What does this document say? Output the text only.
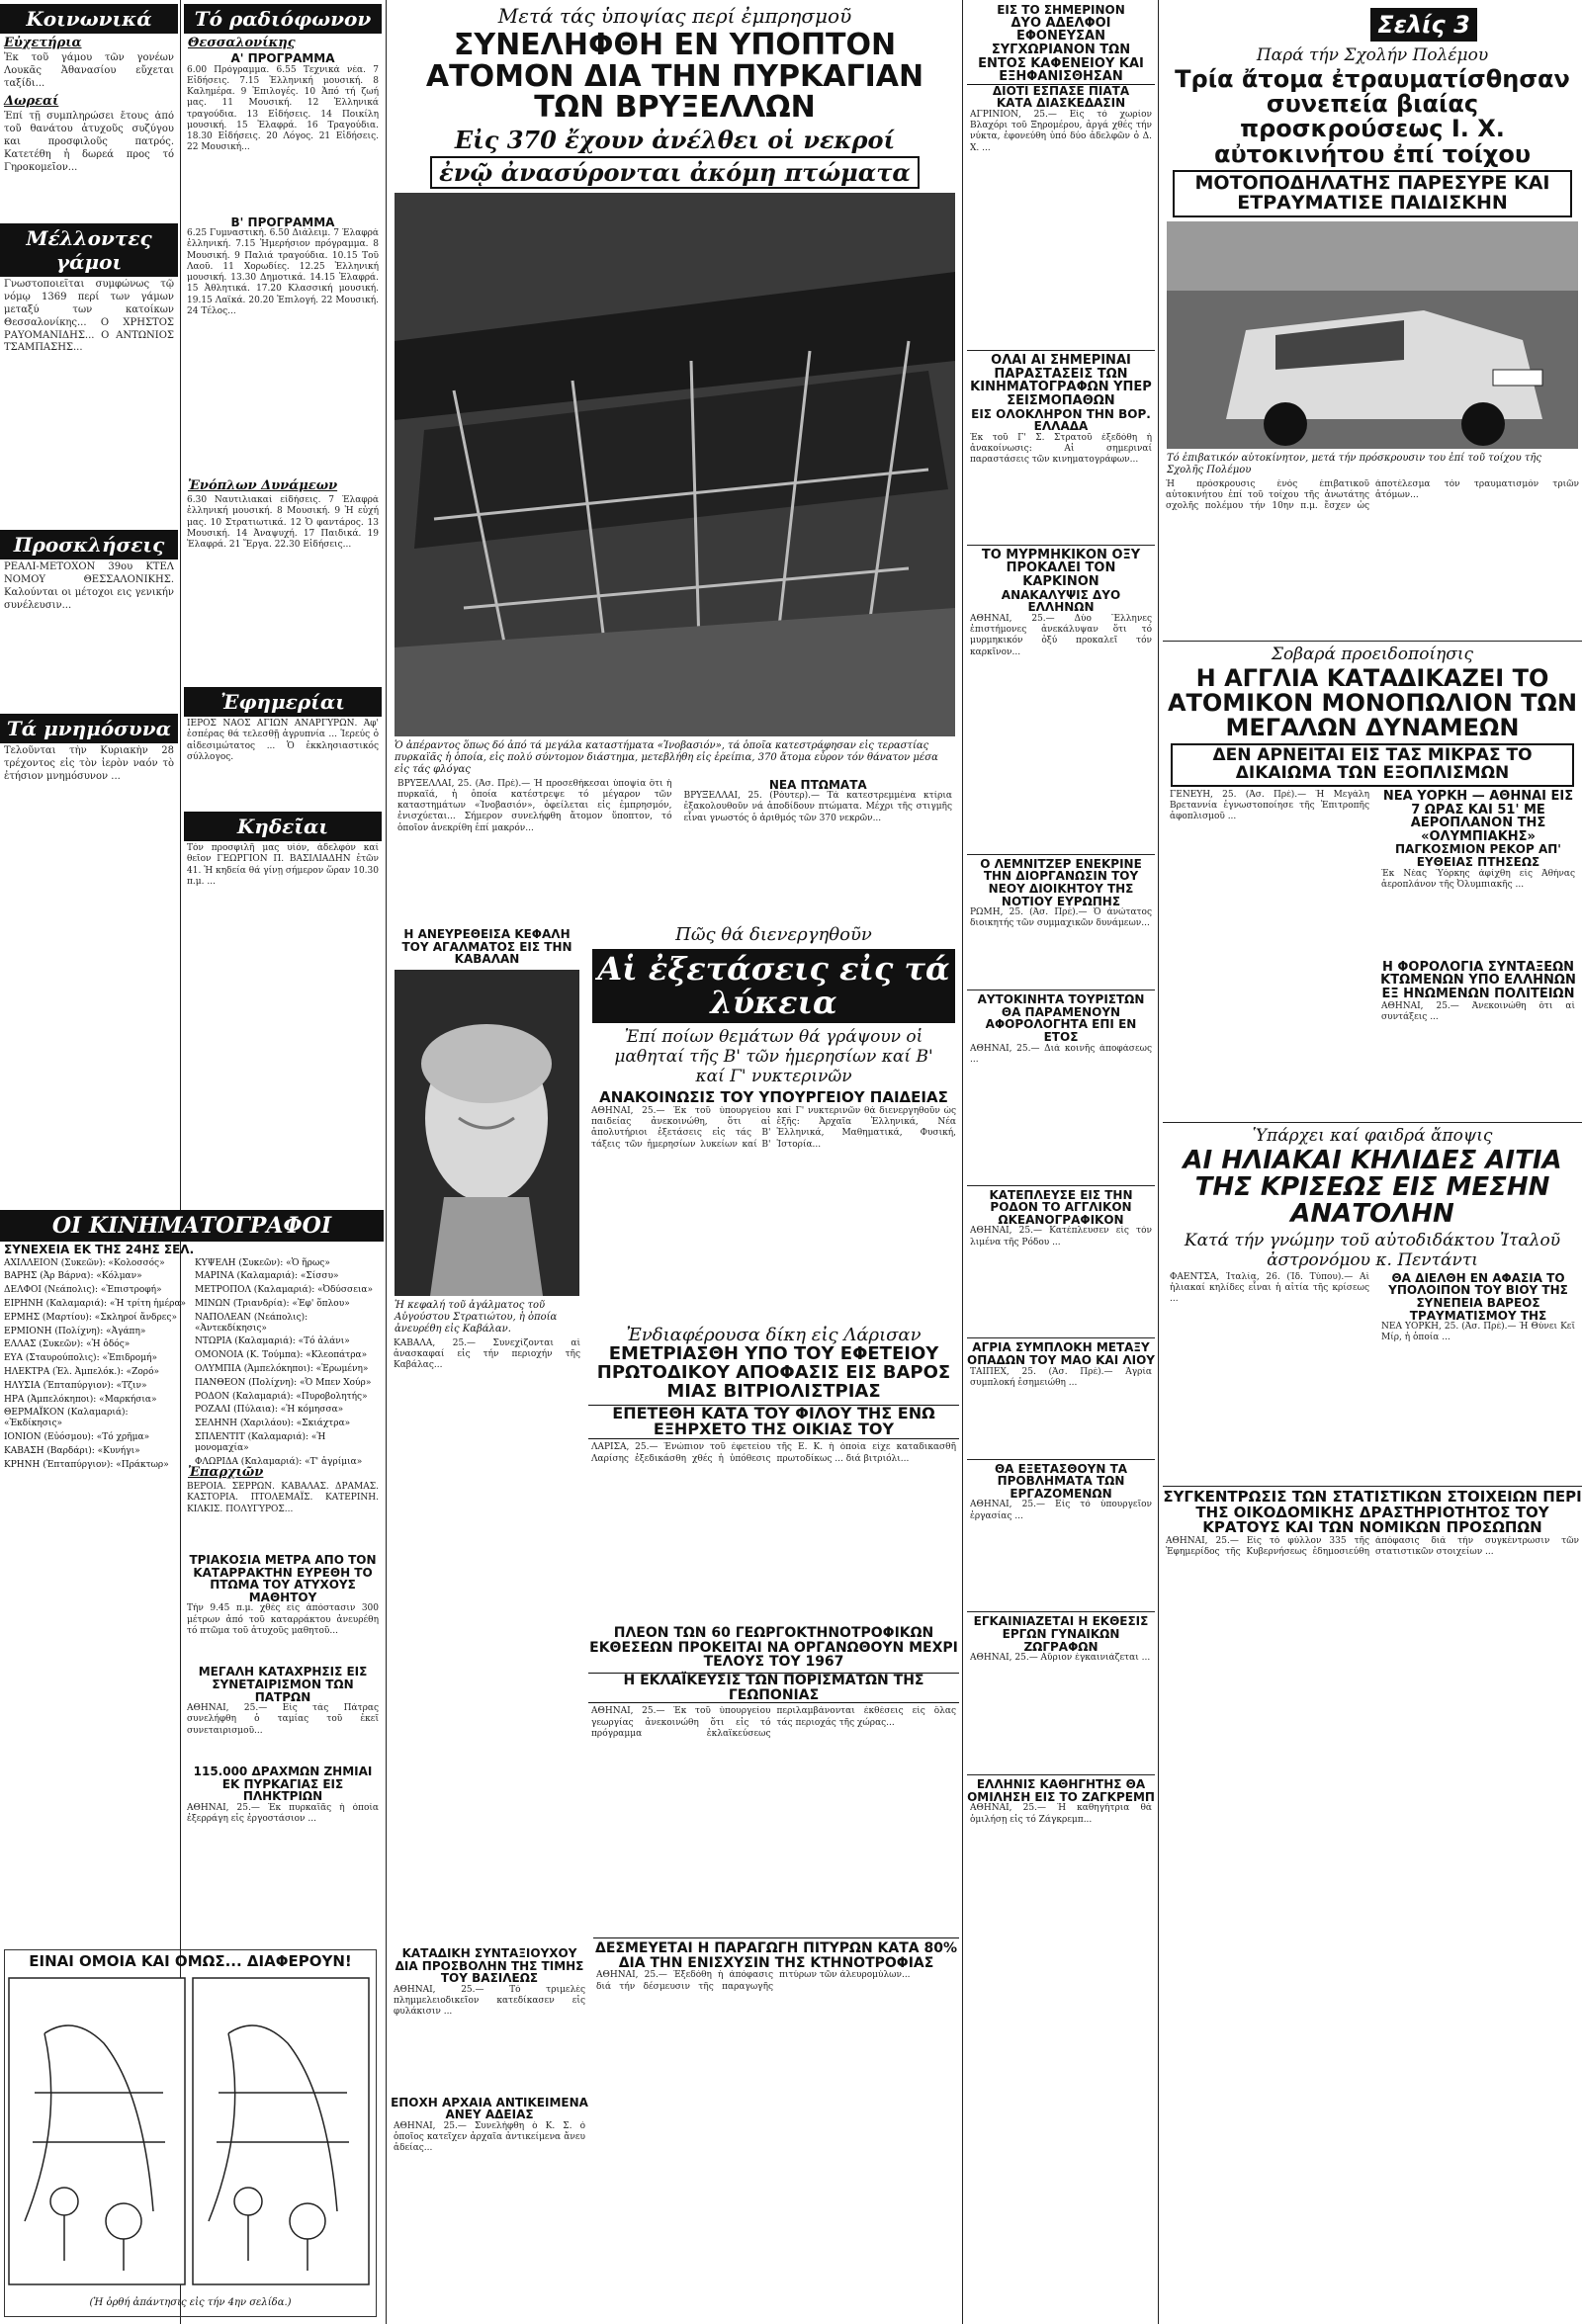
Σελίς 3
Κοινωνικά
Εὐχετήρια
Ἐκ τοῦ γάμου τῶν γονέων Λουκᾶς Ἀθανασίου εὔχεται ταξίδι...
Δωρεαί
Ἐπί τῇ συμπληρώσει ἔτους ἀπό τοῦ θανάτου ἀτυχοῦς συζύγου και προσφιλοῦς πατρός. Κατετέθη ἡ δωρεά προς τό Γηροκομεῖον...
Μέλλοντες γάμοι
Γνωστοποιεῖται συμφώνως τῷ νόμῳ 1369 περί των γάμων μεταξύ των κατοίκων Θεσσαλονίκης... Ο ΧΡΗΣΤΟΣ ΡΑΥΟΜΑΝΙΔΗΣ... Ο ΑΝΤΩΝΙΟΣ ΤΣΑΜΠΑΣΗΣ...
Προσκλήσεις
ΡΕΑΛΙ-ΜΕΤΟΧΟΝ 39ου ΚΤΕΛ ΝΟΜΟΥ ΘΕΣΣΑΛΟΝΙΚΗΣ. Καλούνται οι μέτοχοι εις γενικήν συνέλευσιν...
Τά μνημόσυνα
Τελοῦνται τὴν Κυριακὴν 28 τρέχοντος εἰς τὸν ἱερὸν ναόν τὸ ἐτήσιον μνημόσυνον ...
ΟΙ ΚΙΝΗΜΑΤΟΓΡΑΦΟΙ
ΣΥΝΕΧΕΙΑ ΕΚ ΤΗΣ 24ΗΣ ΣΕΛ.
ΑΧΙΛΛΕΙΟΝ (Συκεῶν): «Κολοσσός»
ΒΑΡΗΣ (Ἀρ Βάρνα): «Κόλμαν»
ΔΕΛΦΟΙ (Νεάπολις): «Ἐπιστροφή»
ΕΙΡΗΝΗ (Καλαμαριά): «Ἡ τρίτη ἡμέρα»
ΕΡΜΗΣ (Μαρτίου): «Σκληροί ἄνδρες»
ΕΡΜΙΟΝΗ (Πολίχνη): «Ἀγάπη»
ΕΛΛΑΣ (Συκεῶν): «Ἡ ὁδός»
ΕΥΑ (Σταυρούπολις): «Ἐπιδρομή»
ΗΛΕΚΤΡΑ (Ἐλ. Ἀμπελόκ.): «Ζορό»
ΗΛΥΣΙΑ (Ἐπταπύργιον): «Τζιν»
ΗΡΑ (Ἀμπελόκηποι): «Μαρκήσια»
ΘΕΡΜΑΪΚΟΝ (Καλαμαριά): «Ἐκδίκησις»
ΙΟΝΙΟΝ (Εὐόσμου): «Τό χρῆμα»
ΚΑΒΑΣΗ (Βαρδάρι): «Κυνήγι»
ΚΡΗΝΗ (Ἐπταπύργιον): «Πράκτωρ»
ΚΥΨΕΛΗ (Συκεῶν): «Ὁ ἥρως»
ΜΑΡΙΝΑ (Καλαμαριά): «Σίσσυ»
ΜΕΤΡΟΠΟΛ (Καλαμαριά): «Ὀδύσσεια»
ΜΙΝΩΝ (Τριανδρία): «Ἐφ' ὅπλου»
ΝΑΠΟΛΕΑΝ (Νεάπολις): «Ἀντεκδίκησις»
ΝΤΩΡΙΑ (Καλαμαριά): «Τό ἀλάνι»
ΟΜΟΝΟΙΑ (Κ. Τούμπα): «Κλεοπάτρα»
ΟΛΥΜΠΙΑ (Ἀμπελόκηποι): «Ἐρωμένη»
ΠΑΝΘΕΟΝ (Πολίχνη): «Ὁ Μπεν Χούρ»
ΡΟΔΟΝ (Καλαμαριά): «Πυροβολητής»
ΡΟΖΑΛΙ (Πύλαια): «Ἡ κόμησσα»
ΣΕΛΗΝΗ (Χαριλάου): «Σκιάχτρα»
ΣΠΛΕΝΤΙΤ (Καλαμαριά): «Ἡ μονομαχία»
ΦΛΩΡΙΔΑ (Καλαμαριά): «Τ' ἀγρίμια»
ΕΙΝΑΙ ΟΜΟΙΑ ΚΑΙ ΟΜΩΣ... ΔΙΑΦΕΡΟΥΝ!
(Ἡ ὀρθή ἀπάντησις εἰς τήν 4ην σελίδα.)
Τό ραδιόφωνον
Θεσσαλονίκης
Α' ΠΡΟΓΡΑΜΜΑ
6.00 Πρόγραμμα. 6.55 Τεχνικά νέα. 7 Εἰδήσεις. 7.15 Ἑλληνική μουσική. 8 Καλημέρα. 9 Ἐπιλογές. 10 Ἀπό τή ζωή μας. 11 Μουσική. 12 Ἑλληνικά τραγούδια. 13 Εἰδήσεις. 14 Ποικίλη μουσική. 15 Ἐλαφρά. 16 Τραγούδια. 18.30 Εἰδήσεις. 20 Λόγος. 21 Εἰδήσεις. 22 Μουσική...
Β' ΠΡΟΓΡΑΜΜΑ
6.25 Γυμναστική. 6.50 Διάλειμ. 7 Ἐλαφρά ἑλληνική. 7.15 Ἡμερήσιον πρόγραμμα. 8 Μουσική. 9 Παλιά τραγούδια. 10.15 Τοῦ Λαοῦ. 11 Χορωδίες. 12.25 Ἑλληνική μουσική. 13.30 Δημοτικά. 14.15 Ἐλαφρά. 15 Ἀθλητικά. 17.20 Κλασσική μουσική. 19.15 Λαϊκά. 20.20 Ἐπιλογή. 22 Μουσική. 24 Τέλος...
Ἐνόπλων Δυνάμεων
6.30 Ναυτιλιακαί εἰδήσεις. 7 Ἐλαφρά ἑλληνική μουσική. 8 Μουσική. 9 Ἡ εὐχή μας. 10 Στρατιωτικά. 12 Ὁ φαντάρος. 13 Μουσική. 14 Ἀναψυχή. 17 Παιδικά. 19 Ἐλαφρά. 21 Ἔργα. 22.30 Εἰδήσεις...
Ἐφημερίαι
ΙΕΡΟΣ ΝΑΟΣ ΑΓΙΩΝ ΑΝΑΡΓΥΡΩΝ. Ἀφ' ἑσπέρας θά τελεσθῇ ἀγρυπνία ... Ἱερεύς ὁ αἰδεσιμώτατος ... Ὁ ἐκκλησιαστικός σύλλογος.
Κηδεῖαι
Τόν προσφιλῆ μας υἱόν, ἀδελφόν καί θεῖον ΓΕΩΡΓΙΟΝ Π. ΒΑΣΙΛΙΑΔΗΝ ἐτῶν 41. Ἡ κηδεία θά γίνῃ σήμερον ὥραν 10.30 π.μ. ...
Ἐπαρχιῶν
ΒΕΡΟΙΑ. ΣΕΡΡΩΝ. ΚΑΒΑΛΑΣ. ΔΡΑΜΑΣ. ΚΑΣΤΟΡΙΑ. ΠΤΟΛΕΜΑΪΣ. ΚΑΤΕΡΙΝΗ. ΚΙΛΚΙΣ. ΠΟΛΥΓΥΡΟΣ...
ΤΡΙΑΚΟΣΙΑ ΜΕΤΡΑ ΑΠΟ ΤΟΝ ΚΑΤΑΡΡΑΚΤΗΝ ΕΥΡΕΘΗ ΤΟ ΠΤΩΜΑ ΤΟΥ ΑΤΥΧΟΥΣ ΜΑΘΗΤΟΥ
Τήν 9.45 π.μ. χθές εἰς ἀπόστασιν 300 μέτρων ἀπό τοῦ καταρράκτου ἀνευρέθη τό πτῶμα τοῦ ἀτυχοῦς μαθητοῦ...
ΜΕΓΑΛΗ ΚΑΤΑΧΡΗΣΙΣ ΕΙΣ ΣΥΝΕΤΑΙΡΙΣΜΟΝ ΤΩΝ ΠΑΤΡΩΝ
ΑΘΗΝΑΙ, 25.— Εἰς τάς Πάτρας συνελήφθη ὁ ταμίας τοῦ ἐκεῖ συνεταιρισμοῦ...
115.000 ΔΡΑΧΜΩΝ ΖΗΜΙΑΙ ΕΚ ΠΥΡΚΑΓΙΑΣ ΕΙΣ ΠΛΗΚΤΡΙΩΝ
ΑΘΗΝΑΙ, 25.— Ἐκ πυρκαϊᾶς ἡ ὁποία ἐξερράγη εἰς ἐργοστάσιον ...
ΚΑΤΑΔΙΚΗ ΣΥΝΤΑΞΙΟΥΧΟΥ ΔΙΑ ΠΡΟΣΒΟΛΗΝ ΤΗΣ ΤΙΜΗΣ ΤΟΥ ΒΑΣΙΛΕΩΣ
ΑΘΗΝΑΙ, 25.— Τό τριμελές πλημμελειοδικεῖον κατεδίκασεν εἰς φυλάκισιν ...
ΕΠΟΧΗ ΑΡΧΑΙΑ ΑΝΤΙΚΕΙΜΕΝΑ ΑΝΕΥ ΑΔΕΙΑΣ
ΑΘΗΝΑΙ, 25.— Συνελήφθη ὁ Κ. Σ. ὁ ὁποῖος κατεῖχεν ἀρχαῖα ἀντικείμενα ἄνευ ἀδείας...
Μετά τάς ὑποψίας περί ἐμπρησμοῦ
ΣΥΝΕΛΗΦΘΗ ΕΝ ΥΠΟΠΤΟΝ ΑΤΟΜΟΝ ΔΙΑ ΤΗΝ ΠΥΡΚΑΓΙΑΝ ΤΩΝ ΒΡΥΞΕΛΛΩΝ
Εἰς 370 ἔχουν ἀνέλθει οἱ νεκροί
ἐνῷ ἀνασύρονται ἀκόμη πτώματα
Ὁ ἀπέραντος ὅπως δό ἀπό τά μεγάλα καταστήματα «Ἰνοβασιόν», τά ὁποῖα κατεστράφησαν εἰς τεραστίας πυρκαϊᾶς ἡ ὁποία, εἰς πολύ σύντομον διάστημα, μετεβλήθη εἰς ἐρείπια, 370 ἄτομα εὗρον τόν θάνατον μέσα εἰς τάς φλόγας
ΒΡΥΞΕΛΛΑΙ, 25. (Ἀσ. Πρέ).— Ἡ προσεθήκεσαι ὑποψία ὅτι ἡ πυρκαϊά, ἡ ὁποία κατέστρεψε τό μέγαρον τῶν καταστημάτων «Ἰνοβασιόν», ὀφείλεται εἰς ἐμπρησμόν, ἐνισχύεται... Σήμερον συνελήφθη ἄτομον ὕποπτον, τό ὁποῖον ἀνεκρίθη ἐπί μακρόν...
ΝΕΑ ΠΤΩΜΑΤΑ
ΒΡΥΞΕΛΛΑΙ, 25. (Ρόυτερ).— Τά κατεστρεμμένα κτίρια ἐξακολουθοῦν νά ἀποδίδουν πτώματα. Μέχρι τῆς στιγμῆς εἶναι γνωστός ὁ ἀριθμός τῶν 370 νεκρῶν...
Πῶς θά διενεργηθοῦν
Αἱ ἐξετάσεις εἰς τά λύκεια
Ἐπί ποίων θεμάτων θά γράψουν οἱ μαθηταί τῆς Β' τῶν ἡμερησίων καί Β' καί Γ' νυκτερινῶν
ΑΝΑΚΟΙΝΩΣΙΣ ΤΟΥ ΥΠΟΥΡΓΕΙΟΥ ΠΑΙΔΕΙΑΣ
ΑΘΗΝΑΙ, 25.— Ἐκ τοῦ ὑπουργείου παιδείας ἀνεκοινώθη, ὅτι αἱ ἀπολυτήριοι ἐξετάσεις εἰς τάς Β' τάξεις τῶν ἡμερησίων λυκείων καί Β' καί Γ' νυκτερινῶν θά διενεργηθοῦν ὡς ἑξῆς: Ἀρχαῖα Ἑλληνικά, Νέα Ἑλληνικά, Μαθηματικά, Φυσική, Ἱστορία...
Η ΑΝΕΥΡΕΘΕΙΣΑ ΚΕΦΑΛΗ ΤΟΥ ΑΓΑΛΜΑΤΟΣ ΕΙΣ ΤΗΝ ΚΑΒΑΛΑΝ
Ἡ κεφαλή τοῦ ἀγάλματος τοῦ Αὐγούστου Στρατιώτου, ἡ ὁποία ἀνευρέθη εἰς Καβάλαν.
ΚΑΒΑΛΑ, 25.— Συνεχίζονται αἱ ἀνασκαφαί εἰς τήν περιοχήν τῆς Καβάλας...
Ἐνδιαφέρουσα δίκη εἰς Λάρισαν
ΕΜΕΤΡΙΑΣΘΗ ΥΠΟ ΤΟΥ ΕΦΕΤΕΙΟΥ ΠΡΩΤΟΔΙΚΟΥ ΑΠΟΦΑΣΙΣ ΕΙΣ ΒΑΡΟΣ ΜΙΑΣ ΒΙΤΡΙΟΛΙΣΤΡΙΑΣ
ΕΠΕΤΕΘΗ ΚΑΤΑ ΤΟΥ ΦΙΛΟΥ ΤΗΣ ΕΝΩ ΕΞΗΡΧΕΤΟ ΤΗΣ ΟΙΚΙΑΣ ΤΟΥ
ΛΑΡΙΣΑ, 25.— Ἐνώπιον τοῦ ἐφετείου Λαρίσης ἐξεδικάσθη χθές ἡ ὑπόθεσις τῆς Ε. Κ. ἡ ὁποία εἶχε καταδικασθῆ πρωτοδίκως ... διά βιτριόλι...
ΠΛΕΟΝ ΤΩΝ 60 ΓΕΩΡΓΟΚΤΗΝΟΤΡΟΦΙΚΩΝ ΕΚΘΕΣΕΩΝ ΠΡΟΚΕΙΤΑΙ ΝΑ ΟΡΓΑΝΩΘΟΥΝ ΜΕΧΡΙ ΤΕΛΟΥΣ ΤΟΥ 1967
Η ΕΚΛΑΪΚΕΥΣΙΣ ΤΩΝ ΠΟΡΙΣΜΑΤΩΝ ΤΗΣ ΓΕΩΠΟΝΙΑΣ
ΑΘΗΝΑΙ, 25.— Ἐκ τοῦ ὑπουργείου γεωργίας ἀνεκοινώθη ὅτι εἰς τό πρόγραμμα ἐκλαϊκεύσεως περιλαμβάνονται ἐκθέσεις εἰς ὅλας τάς περιοχάς τῆς χώρας...
ΔΕΣΜΕΥΕΤΑΙ Η ΠΑΡΑΓΩΓΗ ΠΙΤΥΡΩΝ ΚΑΤΑ 80% ΔΙΑ ΤΗΝ ΕΝΙΣΧΥΣΙΝ ΤΗΣ ΚΤΗΝΟΤΡΟΦΙΑΣ
ΑΘΗΝΑΙ, 25.— Ἐξεδόθη ἡ ἀπόφασις διά τήν δέσμευσιν τῆς παραγωγῆς πιτύρων τῶν ἀλευρομύλων...
ΕΙΣ ΤΟ ΣΗΜΕΡΙΝΟΝ
ΔΥΟ ΑΔΕΛΦΟΙ ΕΦΟΝΕΥΣΑΝ ΣΥΓΧΩΡΙΑΝΟΝ ΤΩΝ ΕΝΤΟΣ ΚΑΦΕΝΕΙΟΥ ΚΑΙ ΕΞΗΦΑΝΙΣΘΗΣΑΝ
ΔΙΟΤΙ ΕΣΠΑΣΕ ΠΙΑΤΑ
ΚΑΤΑ ΔΙΑΣΚΕΔΑΣΙΝ
ΑΓΡΙΝΙΟΝ, 25.— Εἰς τό χωρίον Βλαχόρι τοῦ Ξηρομέρου, ἀργά χθές τήν νύκτα, ἐφονεύθη ὑπό δύο ἀδελφῶν ὁ Δ. Χ. ...
ΟΛΑΙ ΑΙ ΣΗΜΕΡΙΝΑΙ ΠΑΡΑΣΤΑΣΕΙΣ ΤΩΝ ΚΙΝΗΜΑΤΟΓΡΑΦΩΝ ΥΠΕΡ ΣΕΙΣΜΟΠΑΘΩΝ
ΕΙΣ ΟΛΟΚΛΗΡΟΝ ΤΗΝ ΒΟΡ. ΕΛΛΑΔΑ
Ἐκ τοῦ Γ' Σ. Στρατοῦ ἐξεδόθη ἡ ἀνακοίνωσις: Αἱ σημεριναί παραστάσεις τῶν κινηματογράφων...
ΤΟ ΜΥΡΜΗΚΙΚΟΝ ΟΞΥ ΠΡΟΚΑΛΕΙ ΤΟΝ ΚΑΡΚΙΝΟΝ
ΑΝΑΚΑΛΥΨΙΣ ΔΥΟ ΕΛΛΗΝΩΝ
ΑΘΗΝΑΙ, 25.— Δύο Ἕλληνες ἐπιστήμονες ἀνεκάλυψαν ὅτι τό μυρμηκικόν ὀξύ προκαλεῖ τόν καρκῖνον...
Ο ΛΕΜΝΙΤΖΕΡ ΕΝΕΚΡΙΝΕ ΤΗΝ ΔΙΟΡΓΑΝΩΣΙΝ ΤΟΥ ΝΕΟΥ ΔΙΟΙΚΗΤΟΥ ΤΗΣ ΝΟΤΙΟΥ ΕΥΡΩΠΗΣ
ΡΩΜΗ, 25. (Ἀσ. Πρέ).— Ὁ ἀνώτατος διοικητής τῶν συμμαχικῶν δυνάμεων...
ΑΥΤΟΚΙΝΗΤΑ ΤΟΥΡΙΣΤΩΝ ΘΑ ΠΑΡΑΜΕΝΟΥΝ ΑΦΟΡΟΛΟΓΗΤΑ ΕΠΙ ΕΝ ΕΤΟΣ
ΑΘΗΝΑΙ, 25.— Διά κοινῆς ἀποφάσεως ...
ΚΑΤΕΠΛΕΥΣΕ ΕΙΣ ΤΗΝ ΡΟΔΟΝ ΤΟ ΑΓΓΛΙΚΟΝ ΩΚΕΑΝΟΓΡΑΦΙΚΟΝ
ΑΘΗΝΑΙ, 25.— Κατέπλευσεν εἰς τόν λιμένα τῆς Ρόδου ...
ΑΓΡΙΑ ΣΥΜΠΛΟΚΗ ΜΕΤΑΞΥ ΟΠΑΔΩΝ ΤΟΥ ΜΑΟ ΚΑΙ ΛΙΟΥ
ΤΑΪΠΕΧ, 25. (Ἀσ. Πρέ).— Ἀγρία συμπλοκή ἐσημειώθη ...
ΘΑ ΕΞΕΤΑΣΘΟΥΝ ΤΑ ΠΡΟΒΛΗΜΑΤΑ ΤΩΝ ΕΡΓΑΖΟΜΕΝΩΝ
ΑΘΗΝΑΙ, 25.— Εἰς τό ὑπουργεῖον ἐργασίας ...
ΕΓΚΑΙΝΙΑΖΕΤΑΙ Η ΕΚΘΕΣΙΣ ΕΡΓΩΝ ΓΥΝΑΙΚΩΝ ΖΩΓΡΑΦΩΝ
ΑΘΗΝΑΙ, 25.— Αὔριον ἐγκαινιάζεται ...
ΕΛΛΗΝΙΣ ΚΑΘΗΓΗΤΗΣ ΘΑ ΟΜΙΛΗΣΗ ΕΙΣ ΤΟ ΖΑΓΚΡΕΜΠ
ΑΘΗΝΑΙ, 25.— Ἡ καθηγήτρια θά ὁμιλήσῃ εἰς τό Ζάγκρεμπ...
Παρά τήν Σχολήν Πολέμου
Τρία ἄτομα ἐτραυματίσθησαν συνεπεία βιαίας προσκρούσεως Ι. Χ. αὐτοκινήτου ἐπί τοίχου
ΜΟΤΟΠΟΔΗΛΑΤΗΣ ΠΑΡΕΣΥΡΕ ΚΑΙ ΕΤΡΑΥΜΑΤΙΣΕ ΠΑΙΔΙΣΚΗΝ
Τό ἐπιβατικόν αὐτοκίνητον, μετά τήν πρόσκρουσιν του ἐπί τοῦ τοίχου τῆς Σχολῆς Πολέμου
Ἡ πρόσκρουσις ἑνός ἐπιβατικοῦ αὐτοκινήτου ἐπί τοῦ τοίχου τῆς ἀνωτάτης σχολῆς πολέμου τήν 10ην π.μ. ἔσχεν ὡς ἀποτέλεσμα τόν τραυματισμόν τριῶν ἀτόμων...
Σοβαρά προειδοποίησις
Η ΑΓΓΛΙΑ ΚΑΤΑΔΙΚΑΖΕΙ ΤΟ ΑΤΟΜΙΚΟΝ ΜΟΝΟΠΩΛΙΟΝ ΤΩΝ ΜΕΓΑΛΩΝ ΔΥΝΑΜΕΩΝ
ΔΕΝ ΑΡΝΕΙΤΑΙ ΕΙΣ ΤΑΣ ΜΙΚΡΑΣ ΤΟ ΔΙΚΑΙΩΜΑ ΤΩΝ ΕΞΟΠΛΙΣΜΩΝ
ΓΕΝΕΥΗ, 25. (Ἀσ. Πρέ).— Ἡ Μεγάλη Βρεταννία ἐγνωστοποίησε τῆς Ἐπιτροπῆς ἀφοπλισμοῦ ...
ΝΕΑ ΥΟΡΚΗ — ΑΘΗΝΑΙ ΕΙΣ 7 ΩΡΑΣ ΚΑΙ 51' ΜΕ ΑΕΡΟΠΛΑΝΟΝ ΤΗΣ «ΟΛΥΜΠΙΑΚΗΣ»
ΠΑΓΚΟΣΜΙΟΝ ΡΕΚΟΡ ΑΠ' ΕΥΘΕΙΑΣ ΠΤΗΣΕΩΣ
Ἐκ Νέας Ὑόρκης ἀφίχθη εἰς Ἀθήνας ἀεροπλάνον τῆς Ὀλυμπιακῆς ...
Η ΦΟΡΟΛΟΓΙΑ ΣΥΝΤΑΞΕΩΝ ΚΤΩΜΕΝΩΝ ΥΠΟ ΕΛΛΗΝΩΝ ΕΞ ΗΝΩΜΕΝΩΝ ΠΟΛΙΤΕΙΩΝ
ΑΘΗΝΑΙ, 25.— Ἀνεκοινώθη ὅτι αἱ συντάξεις ...
Ὑπάρχει καί φαιδρά ἄποψις
ΑΙ ΗΛΙΑΚΑΙ ΚΗΛΙΔΕΣ ΑΙΤΙΑ ΤΗΣ ΚΡΙΣΕΩΣ ΕΙΣ ΜΕΣΗΝ ΑΝΑΤΟΛΗΝ
Κατά τήν γνώμην τοῦ αὐτοδιδάκτου Ἰταλοῦ ἀστρονόμου κ. Πεντάντι
ΦΑΕΝΤΣΑ, Ἰταλία, 26. (Ἰδ. Τύπου).— Αἱ ἡλιακαί κηλίδες εἶναι ἡ αἰτία τῆς κρίσεως ...
ΘΑ ΔΙΕΛΘΗ ΕΝ ΑΦΑΣΙΑ ΤΟ ΥΠΟΛΟΙΠΟΝ ΤΟΥ ΒΙΟΥ ΤΗΣ
ΣΥΝΕΠΕΙΑ ΒΑΡΕΟΣ
ΤΡΑΥΜΑΤΙΣΜΟΥ ΤΗΣ
ΝΕΑ ΥΟΡΚΗ, 25. (Ἀσ. Πρέ).— Ἡ Θύνει Κεϊ Μίρ, ἡ ὁποία ...
ΣΥΓΚΕΝΤΡΩΣΙΣ ΤΩΝ ΣΤΑΤΙΣΤΙΚΩΝ ΣΤΟΙΧΕΙΩΝ ΠΕΡΙ ΤΗΣ ΟΙΚΟΔΟΜΙΚΗΣ ΔΡΑΣΤΗΡΙΟΤΗΤΟΣ ΤΟΥ ΚΡΑΤΟΥΣ ΚΑΙ ΤΩΝ ΝΟΜΙΚΩΝ ΠΡΟΣΩΠΩΝ
ΑΘΗΝΑΙ, 25.— Εἰς τό φύλλον 335 τῆς Ἐφημερίδος τῆς Κυβερνήσεως ἐδημοσιεύθη ἀπόφασις διά τήν συγκέντρωσιν τῶν στατιστικῶν στοιχείων ...
